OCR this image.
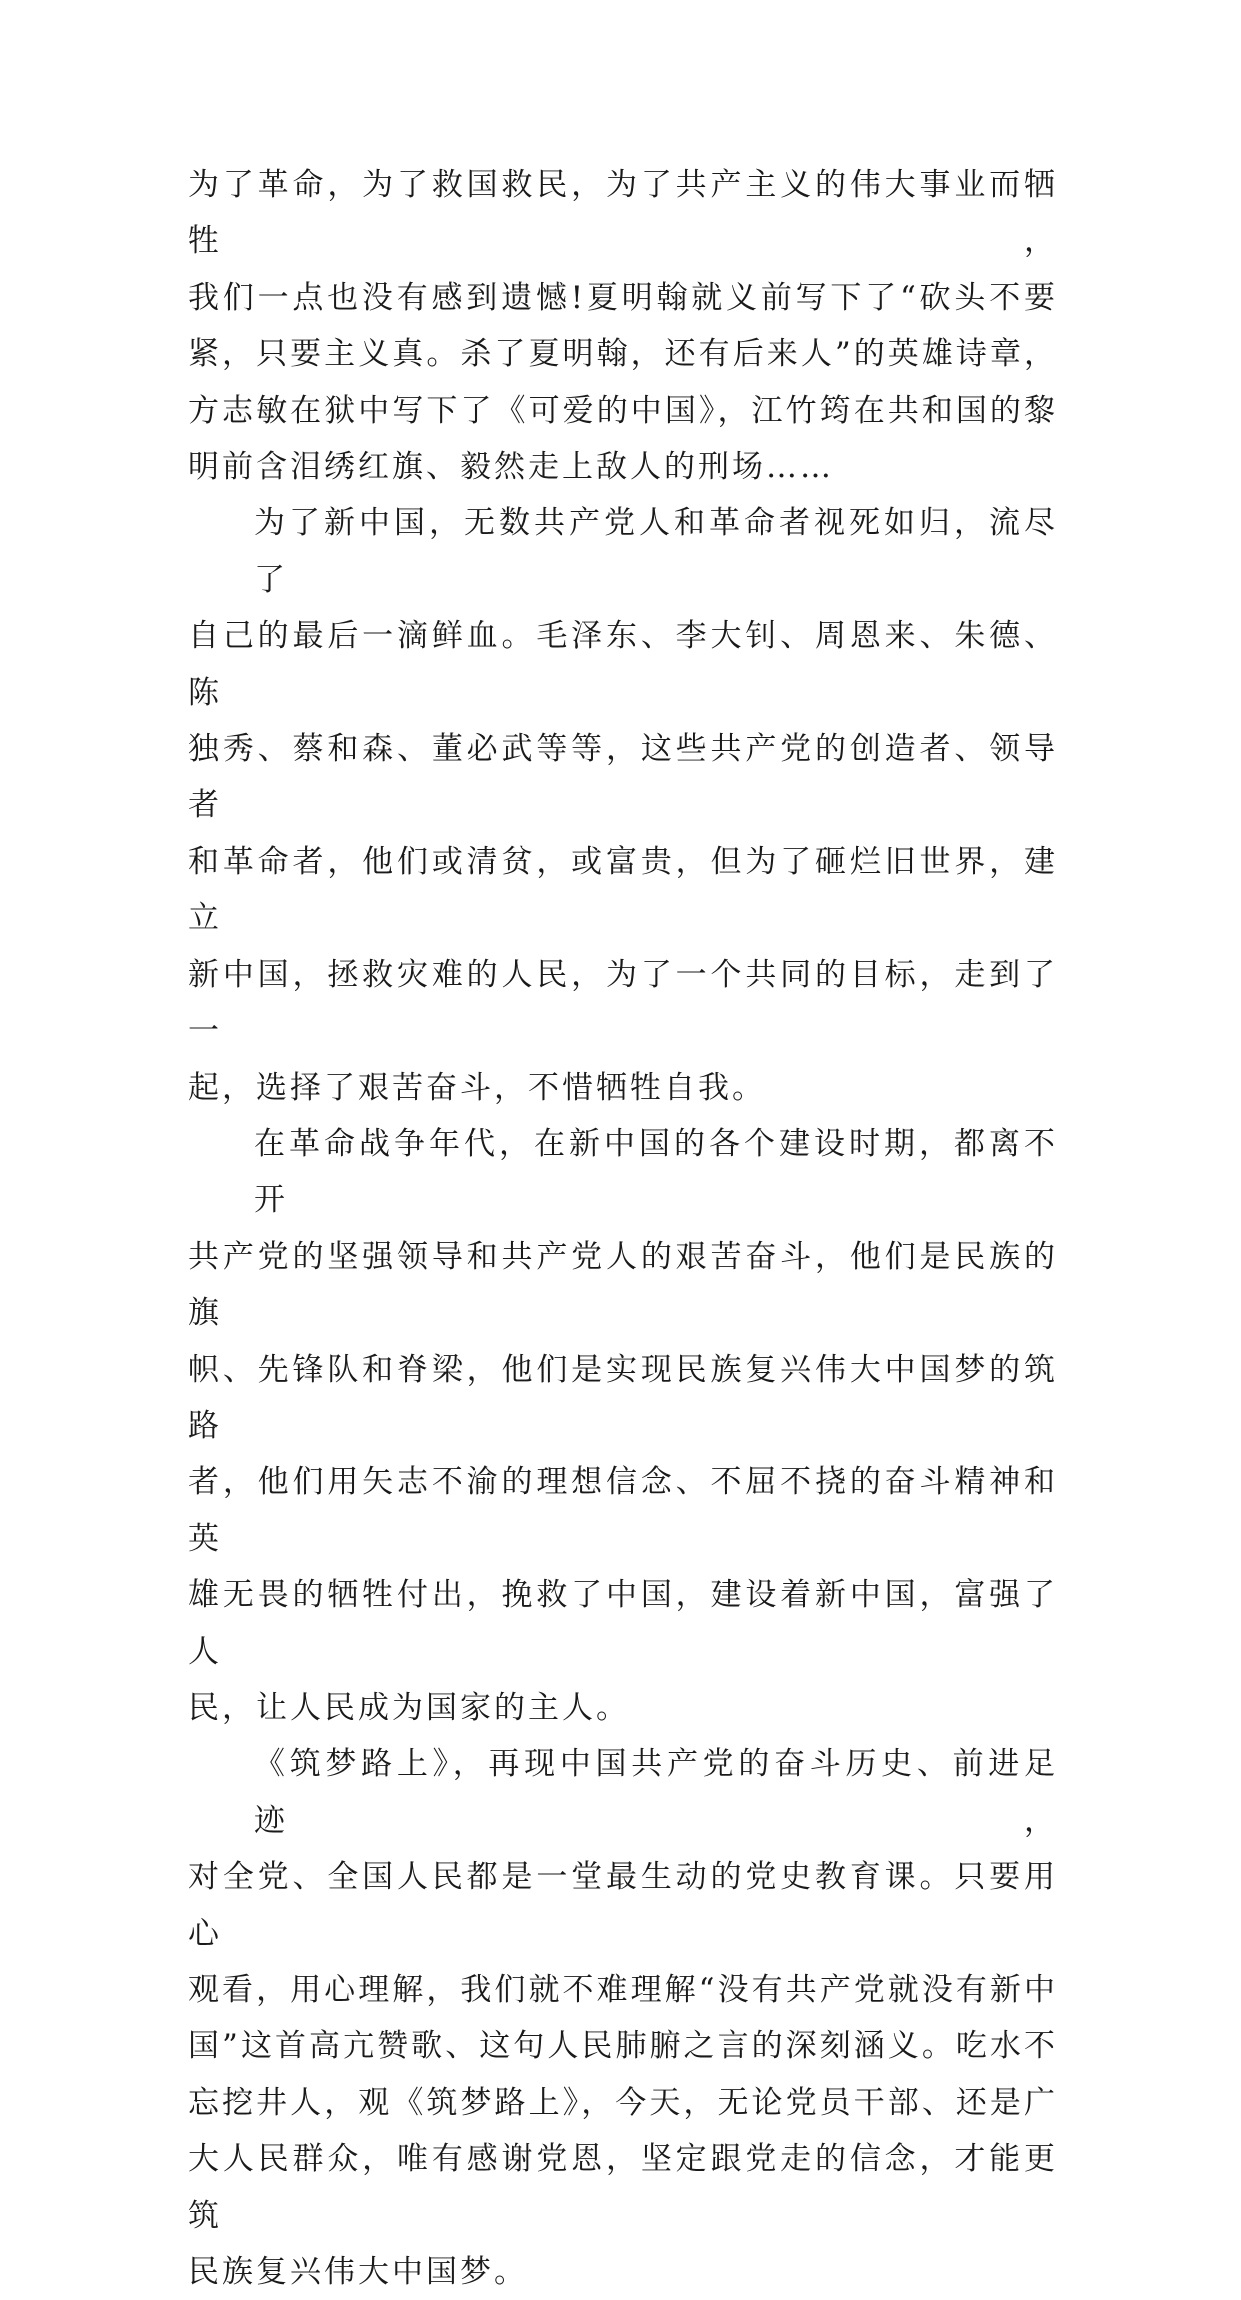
为了革命，为了救国救民，为了共产主义的伟大事业而牺牲，
我们一点也没有感到遗憾!夏明翰就义前写下了“砍头不要
紧，只要主义真。杀了夏明翰，还有后来人”的英雄诗章，
方志敏在狱中写下了《可爱的中国》，江竹筠在共和国的黎
明前含泪绣红旗、毅然走上敌人的刑场……
为了新中国，无数共产党人和革命者视死如归，流尽了
自己的最后一滴鲜血。毛泽东、李大钊、周恩来、朱德、陈
独秀、蔡和森、董必武等等，这些共产党的创造者、领导者
和革命者，他们或清贫，或富贵，但为了砸烂旧世界，建立
新中国，拯救灾难的人民，为了一个共同的目标，走到了一
起，选择了艰苦奋斗，不惜牺牲自我。
在革命战争年代，在新中国的各个建设时期，都离不开
共产党的坚强领导和共产党人的艰苦奋斗，他们是民族的旗
帜、先锋队和脊梁，他们是实现民族复兴伟大中国梦的筑路
者，他们用矢志不渝的理想信念、不屈不挠的奋斗精神和英
雄无畏的牺牲付出，挽救了中国，建设着新中国，富强了人
民，让人民成为国家的主人。
《筑梦路上》，再现中国共产党的奋斗历史、前进足迹，
对全党、全国人民都是一堂最生动的党史教育课。只要用心
观看，用心理解，我们就不难理解“没有共产党就没有新中
国”这首高亢赞歌、这句人民肺腑之言的深刻涵义。吃水不
忘挖井人，观《筑梦路上》，今天，无论党员干部、还是广
大人民群众，唯有感谢党恩，坚定跟党走的信念，才能更筑
民族复兴伟大中国梦。
